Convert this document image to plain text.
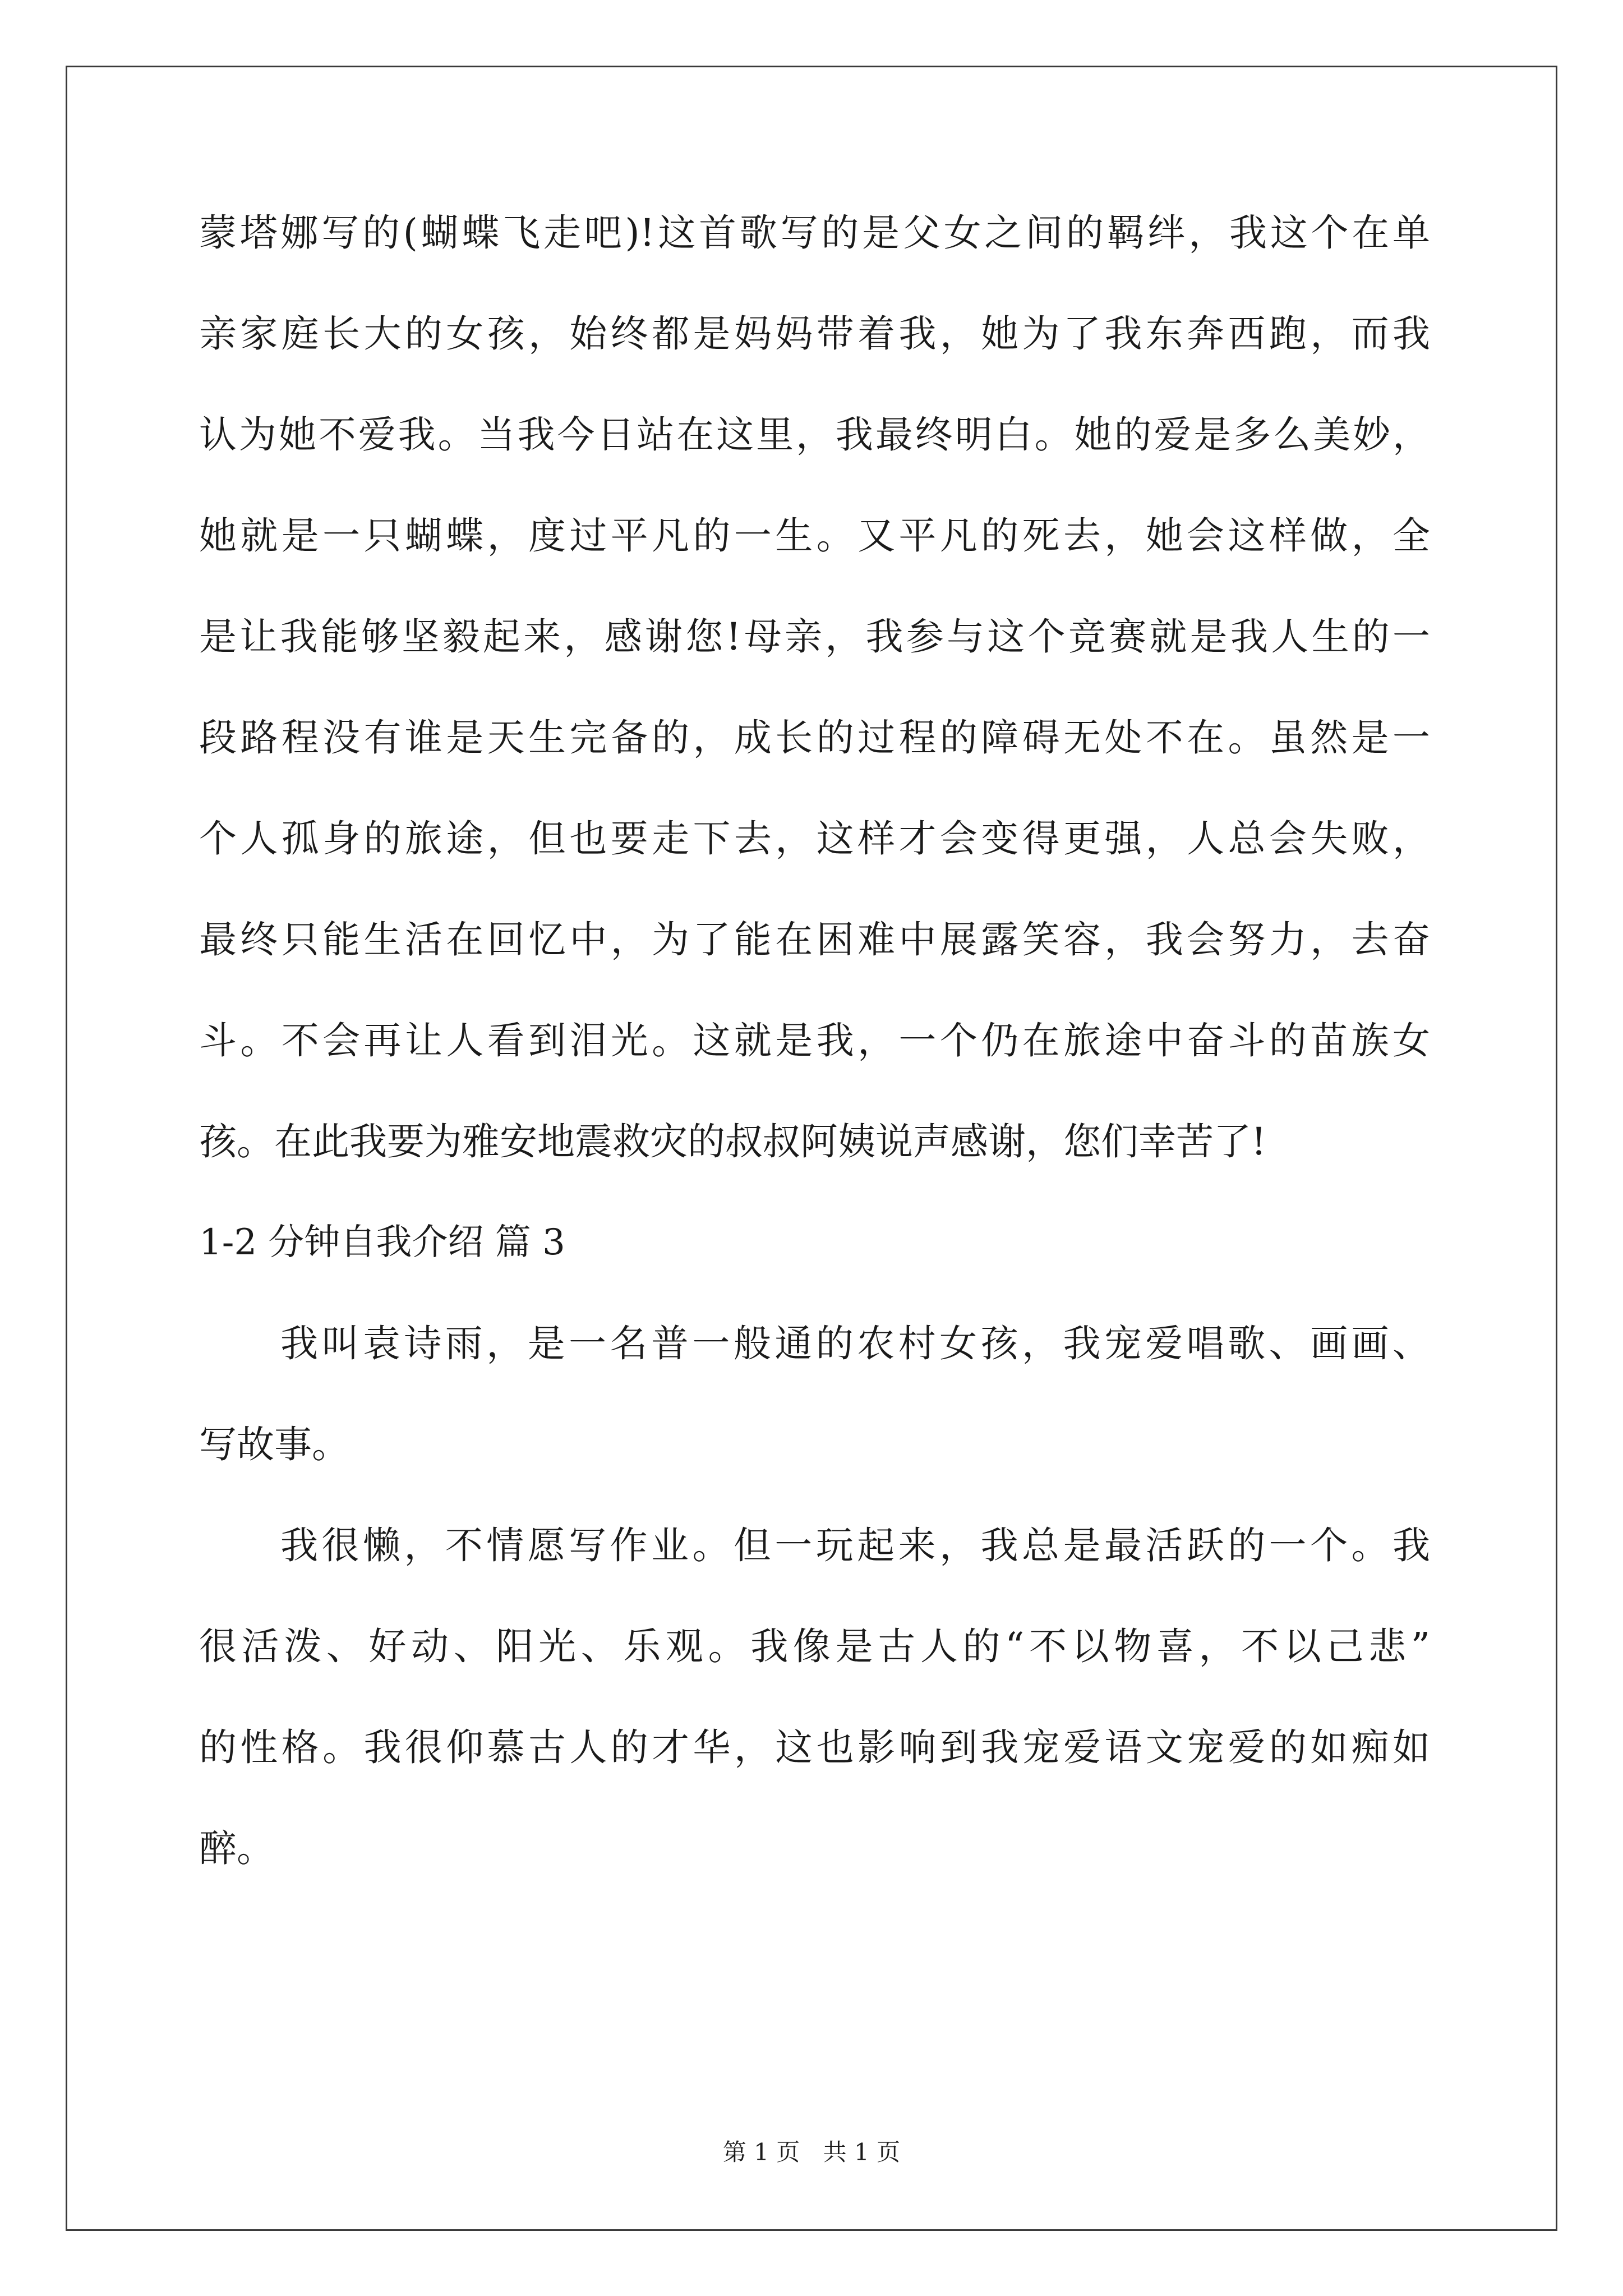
蒙塔娜写的(蝴蝶飞走吧)!这首歌写的是父女之间的羁绊，我这个在单
亲家庭长大的女孩，始终都是妈妈带着我，她为了我东奔西跑，而我
认为她不爱我。当我今日站在这里，我最终明白。她的爱是多么美妙，
她就是一只蝴蝶，度过平凡的一生。又平凡的死去，她会这样做，全
是让我能够坚毅起来，感谢您!母亲，我参与这个竞赛就是我人生的一
段路程没有谁是天生完备的，成长的过程的障碍无处不在。虽然是一
个人孤身的旅途，但也要走下去，这样才会变得更强，人总会失败，
最终只能生活在回忆中，为了能在困难中展露笑容，我会努力，去奋
斗。不会再让人看到泪光。这就是我，一个仍在旅途中奋斗的苗族女
孩。在此我要为雅安地震救灾的叔叔阿姨说声感谢，您们幸苦了!
1-2 分钟自我介绍 篇 3
我叫袁诗雨，是一名普一般通的农村女孩，我宠爱唱歌、画画、
写故事。
我很懒，不情愿写作业。但一玩起来，我总是最活跃的一个。我
很活泼、好动、阳光、乐观。我像是古人的“不以物喜，不以己悲”
的性格。我很仰慕古人的才华，这也影响到我宠爱语文宠爱的如痴如
醉。
第 1 页 共 1 页
